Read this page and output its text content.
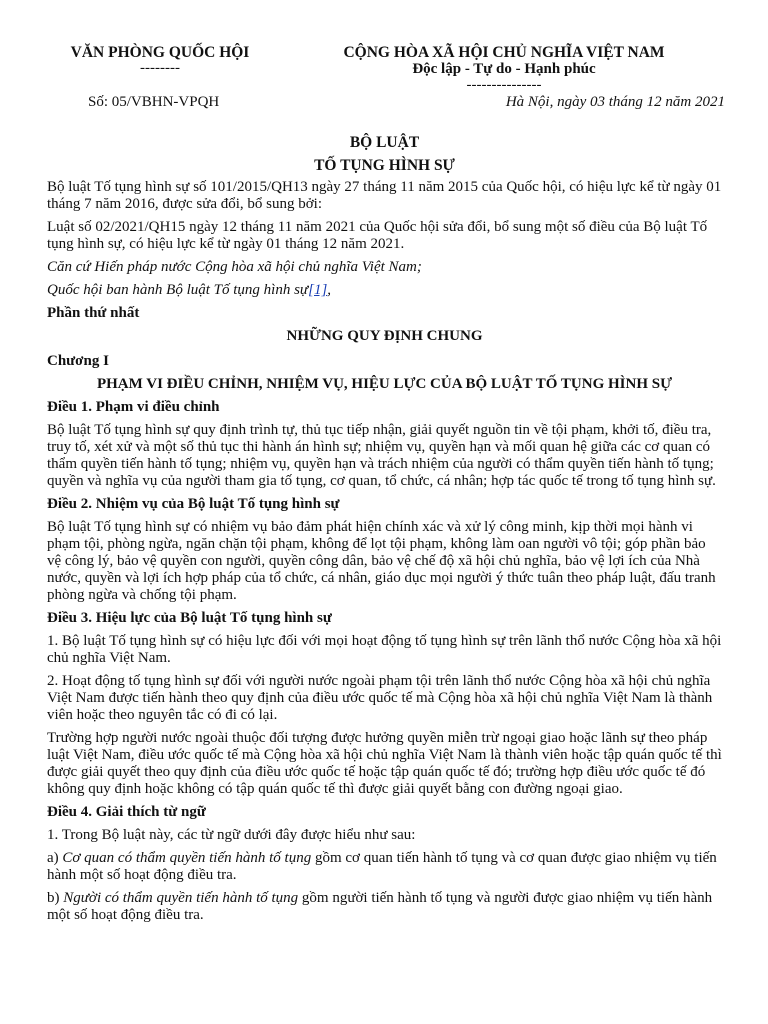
VĂN PHÒNG QUỐC HỘI
--------
CỘNG HÒA XÃ HỘI CHỦ NGHĨA VIỆT NAM
Độc lập - Tự do - Hạnh phúc
---------------
Số: 05/VBHN-VPQH	Hà Nội, ngày 03 tháng 12 năm 2021
BỘ LUẬT
TỐ TỤNG HÌNH SỰ

Bộ luật Tố tụng hình sự số 101/2015/QH13 ngày 27 tháng 11 năm 2015 của Quốc hội, có hiệu lực kể từ ngày 01 tháng 7 năm 2016, được sửa đổi, bổ sung bởi:

Luật số 02/2021/QH15 ngày 12 tháng 11 năm 2021 của Quốc hội sửa đổi, bổ sung một số điều của Bộ luật Tố tụng hình sự, có hiệu lực kể từ ngày 01 tháng 12 năm 2021.

Căn cứ Hiến pháp nước Cộng hòa xã hội chủ nghĩa Việt Nam;

Quốc hội ban hành Bộ luật Tố tụng hình sự[1],

Phần thứ nhất
NHỮNG QUY ĐỊNH CHUNG
Chương I
PHẠM VI ĐIỀU CHỈNH, NHIỆM VỤ, HIỆU LỰC CỦA BỘ LUẬT TỐ TỤNG HÌNH SỰ
Điều 1. Phạm vi điều chỉnh

Bộ luật Tố tụng hình sự quy định trình tự, thủ tục tiếp nhận, giải quyết nguồn tin về tội phạm, khởi tố, điều tra, truy tố, xét xử và một số thủ tục thi hành án hình sự; nhiệm vụ, quyền hạn và mối quan hệ giữa các cơ quan có thẩm quyền tiến hành tố tụng; nhiệm vụ, quyền hạn và trách nhiệm của người có thẩm quyền tiến hành tố tụng; quyền và nghĩa vụ của người tham gia tố tụng, cơ quan, tổ chức, cá nhân; hợp tác quốc tế trong tố tụng hình sự.

Điều 2. Nhiệm vụ của Bộ luật Tố tụng hình sự

Bộ luật Tố tụng hình sự có nhiệm vụ bảo đảm phát hiện chính xác và xử lý công minh, kịp thời mọi hành vi phạm tội, phòng ngừa, ngăn chặn tội phạm, không để lọt tội phạm, không làm oan người vô tội; góp phần bảo vệ công lý, bảo vệ quyền con người, quyền công dân, bảo vệ chế độ xã hội chủ nghĩa, bảo vệ lợi ích của Nhà nước, quyền và lợi ích hợp pháp của tổ chức, cá nhân, giáo dục mọi người ý thức tuân theo pháp luật, đấu tranh phòng ngừa và chống tội phạm.

Điều 3. Hiệu lực của Bộ luật Tố tụng hình sự

1. Bộ luật Tố tụng hình sự có hiệu lực đối với mọi hoạt động tố tụng hình sự trên lãnh thổ nước Cộng hòa xã hội chủ nghĩa Việt Nam.

2. Hoạt động tố tụng hình sự đối với người nước ngoài phạm tội trên lãnh thổ nước Cộng hòa xã hội chủ nghĩa Việt Nam được tiến hành theo quy định của điều ước quốc tế mà Cộng hòa xã hội chủ nghĩa Việt Nam là thành viên hoặc theo nguyên tắc có đi có lại.

Trường hợp người nước ngoài thuộc đối tượng được hưởng quyền miễn trừ ngoại giao hoặc lãnh sự theo pháp luật Việt Nam, điều ước quốc tế mà Cộng hòa xã hội chủ nghĩa Việt Nam là thành viên hoặc tập quán quốc tế thì được giải quyết theo quy định của điều ước quốc tế hoặc tập quán quốc tế đó; trường hợp điều ước quốc tế đó không quy định hoặc không có tập quán quốc tế thì được giải quyết bằng con đường ngoại giao.

Điều 4. Giải thích từ ngữ

1. Trong Bộ luật này, các từ ngữ dưới đây được hiểu như sau:

a) Cơ quan có thẩm quyền tiến hành tố tụng gồm cơ quan tiến hành tố tụng và cơ quan được giao nhiệm vụ tiến hành một số hoạt động điều tra.

b) Người có thẩm quyền tiến hành tố tụng gồm người tiến hành tố tụng và người được giao nhiệm vụ tiến hành một số hoạt động điều tra.
